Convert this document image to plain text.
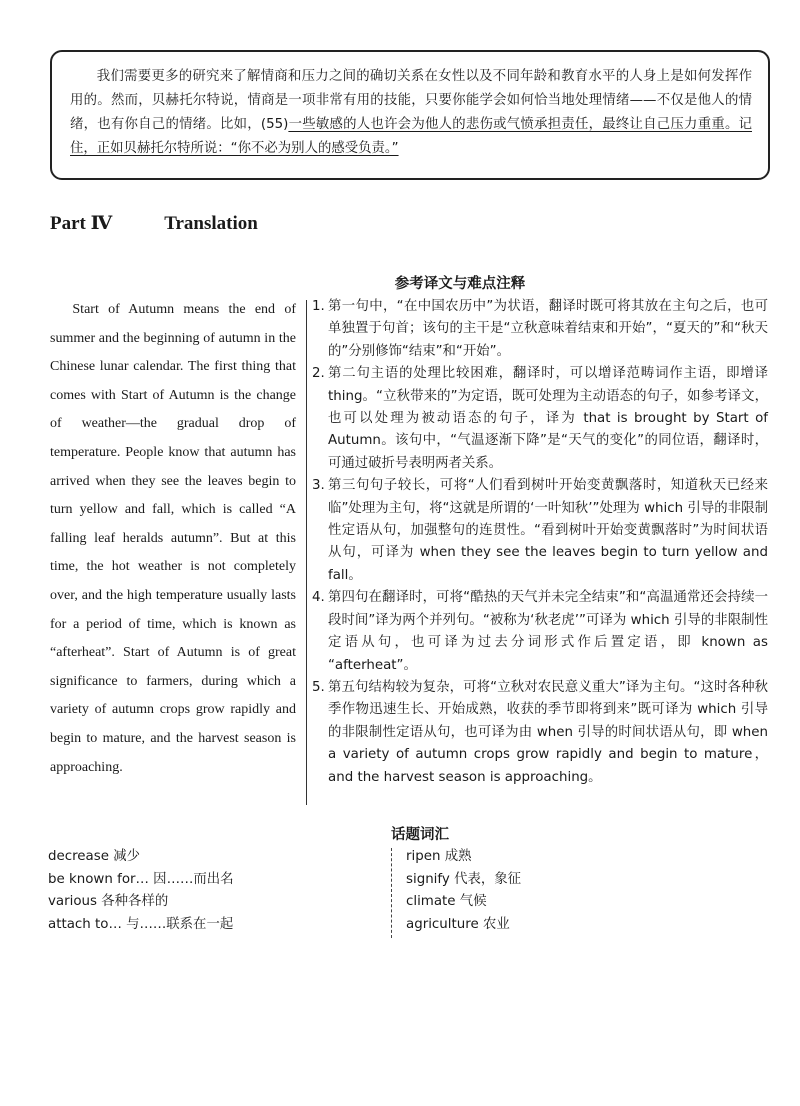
我们需要更多的研究来了解情商和压力之间的确切关系在女性以及不同年龄和教育水平的人身上是如何发挥作用的。然而，贝赫托尔特说，情商是一项非常有用的技能，只要你能学会如何恰当地处理情绪——不仅是他人的情绪，也有你自己的情绪。比如，(55)一些敏感的人也许会为他人的悲伤或气愤承担责任，最终让自己压力重重。记住，正如贝赫托尔特所说：“你不必为别人的感受负责。”

Part Ⅳ	Translation
参考译文与难点注释

Start of Autumn means the end of summer and the beginning of autumn in the Chinese lunar calendar. The first thing that comes with Start of Autumn is the change of weather—the gradual drop of temperature. People know that autumn has arrived when they see the leaves begin to turn yellow and fall, which is called “A falling leaf heralds autumn”. But at this time, the hot weather is not completely over, and the high temperature usually lasts for a period of time, which is known as “afterheat”. Start of Autumn is of great significance to farmers, during which a variety of autumn crops grow rapidly and begin to mature, and the harvest season is approaching.

1. 第一句中，“在中国农历中”为状语，翻译时既可将其放在主句之后，也可单独置于句首；该句的主干是“立秋意味着结束和开始”，“夏天的”和“秋天的”分别修饰“结束”和“开始”。
2. 第二句主语的处理比较困难，翻译时，可以增译范畴词作主语，即增译 thing。“立秋带来的”为定语，既可处理为主动语态的句子，如参考译文，也可以处理为被动语态的句子，译为 that is brought by Start of Autumn。该句中，“气温逐渐下降”是“天气的变化”的同位语，翻译时，可通过破折号表明两者关系。
3. 第三句句子较长，可将“人们看到树叶开始变黄飘落时，知道秋天已经来临”处理为主句，将“这就是所谓的‘一叶知秋’”处理为 which 引导的非限制性定语从句，加强整句的连贯性。“看到树叶开始变黄飘落时”为时间状语从句，可译为 when they see the leaves begin to turn yellow and fall。
4. 第四句在翻译时，可将“酷热的天气并未完全结束”和“高温通常还会持续一段时间”译为两个并列句。“被称为‘秋老虎’”可译为 which 引导的非限制性定语从句，也可译为过去分词形式作后置定语，即 known as “afterheat”。
5. 第五句结构较为复杂，可将“立秋对农民意义重大”译为主句。“这时各种秋季作物迅速生长、开始成熟，收获的季节即将到来”既可译为 which 引导的非限制性定语从句，也可译为由 when 引导的时间状语从句，即 when a variety of autumn crops grow rapidly and begin to mature，and the harvest season is approaching。
话题词汇
decrease 减少
be known for… 因……而出名
various 各种各样的
attach to… 与……联系在一起
ripen 成熟
signify 代表，象征
climate 气候
agriculture 农业
